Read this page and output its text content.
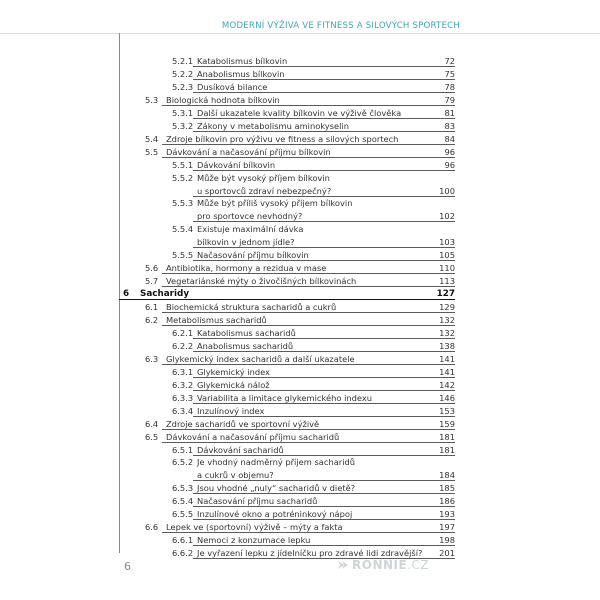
MODERNÍ VÝŽIVA VE FITNESS A SILOVÝCH SPORTECH
5.2.1 Katabolismus bílkovin	72
5.2.2 Anabolismus bílkovin	75
5.2.3 Dusíková bilance	78
5.3 Biologická hodnota bílkovin	79
5.3.1 Další ukazatele kvality bílkovin ve výživě člověka	81
5.3.2 Zákony v metabolismu aminokyselin	83
5.4 Zdroje bílkovin pro výživu ve fitness a silových sportech	84
5.5 Dávkování a načasování příjmu bílkovin	96
5.5.1 Dávkování bílkovin	96
5.5.2 Může být vysoký příjem bílkovin
u sportovců zdraví nebezpečný?	100
5.5.3 Může být příliš vysoký příjem bílkovin
pro sportovce nevhodný?	102
5.5.4 Existuje maximální dávka
bílkovin v jednom jídle?	103
5.5.5 Načasování příjmu bílkovin	105
5.6 Antibiotika, hormony a rezidua v mase	110
5.7 Vegetariánské mýty o živočišných bílkovinách	113
6 Sacharidy	127
6.1 Biochemická struktura sacharidů a cukrů	129
6.2 Metabolismus sacharidů	132
6.2.1 Katabolismus sacharidů	132
6.2.2 Anabolismus sacharidů	138
6.3 Glykemický index sacharidů a další ukazatele	141
6.3.1 Glykemický index	141
6.3.2 Glykemická nálož	142
6.3.3 Variabilita a limitace glykemického indexu	146
6.3.4 Inzulínový index	153
6.4 Zdroje sacharidů ve sportovní výživě	159
6.5 Dávkování a načasování příjmu sacharidů	181
6.5.1 Dávkování sacharidů	181
6.5.2 Je vhodný nadměrný příjem sacharidů
a cukrů v objemu?	184
6.5.3 Jsou vhodné „nuly“ sacharidů v dietě?	185
6.5.4 Načasování příjmu sacharidů	186
6.5.5 Inzulínové okno a potréninkový nápoj	193
6.6 Lepek ve (sportovní) výživě – mýty a fakta	197
6.6.1 Nemoci z konzumace lepku	198
6.6.2 Je vyřazení lepku z jídelníčku pro zdravé lidi zdravější? 201
6	RONNIE.CZ
